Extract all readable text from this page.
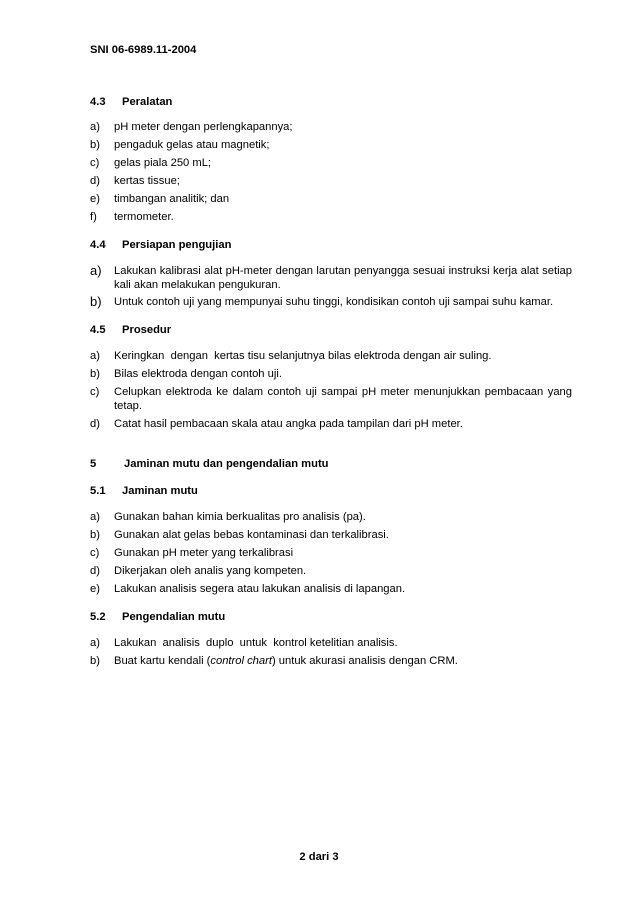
SNI 06-6989.11-2004

4.3 Peralatan

a) pH meter dengan perlengkapannya;
b) pengaduk gelas atau magnetik;
c) gelas piala 250 mL;
d) kertas tissue;
e) timbangan analitik; dan
f) termometer.

4.4 Persiapan pengujian

a) Lakukan kalibrasi alat pH-meter dengan larutan penyangga sesuai instruksi kerja alat setiap kali akan melakukan pengukuran.
b) Untuk contoh uji yang mempunyai suhu tinggi, kondisikan contoh uji sampai suhu kamar.

4.5 Prosedur

a) Keringkan  dengan  kertas tisu selanjutnya bilas elektroda dengan air suling.
b) Bilas elektroda dengan contoh uji.
c) Celupkan elektroda ke dalam contoh uji sampai pH meter menunjukkan pembacaan yang tetap.
d) Catat hasil pembacaan skala atau angka pada tampilan dari pH meter.

5 Jaminan mutu dan pengendalian mutu

5.1 Jaminan mutu

a) Gunakan bahan kimia berkualitas pro analisis (pa).
b) Gunakan alat gelas bebas kontaminasi dan terkalibrasi.
c) Gunakan pH meter yang terkalibrasi
d) Dikerjakan oleh analis yang kompeten.
e) Lakukan analisis segera atau lakukan analisis di lapangan.

5.2 Pengendalian mutu

a) Lakukan  analisis  duplo  untuk  kontrol ketelitian analisis.
b) Buat kartu kendali (control chart) untuk akurasi analisis dengan CRM.
2 dari 3
